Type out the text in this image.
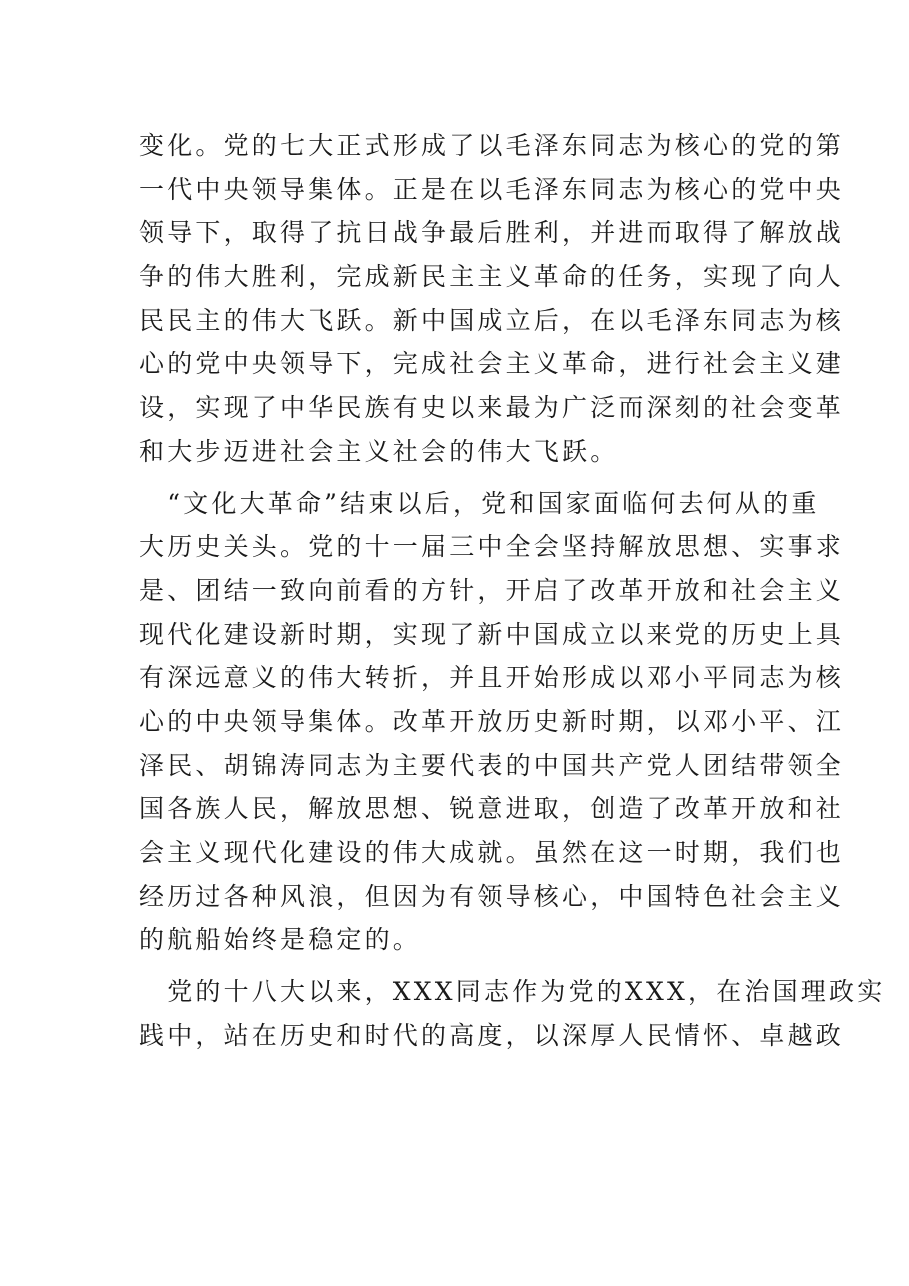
变化。党的七大正式形成了以毛泽东同志为核心的党的第
一代中央领导集体。正是在以毛泽东同志为核心的党中央
领导下，取得了抗日战争最后胜利，并进而取得了解放战
争的伟大胜利，完成新民主主义革命的任务，实现了向人
民民主的伟大飞跃。新中国成立后，在以毛泽东同志为核
心的党中央领导下，完成社会主义革命，进行社会主义建
设，实现了中华民族有史以来最为广泛而深刻的社会变革
和大步迈进社会主义社会的伟大飞跃。
　“文化大革命”结束以后，党和国家面临何去何从的重
大历史关头。党的十一届三中全会坚持解放思想、实事求
是、团结一致向前看的方针，开启了改革开放和社会主义
现代化建设新时期，实现了新中国成立以来党的历史上具
有深远意义的伟大转折，并且开始形成以邓小平同志为核
心的中央领导集体。改革开放历史新时期，以邓小平、江
泽民、胡锦涛同志为主要代表的中国共产党人团结带领全
国各族人民，解放思想、锐意进取，创造了改革开放和社
会主义现代化建设的伟大成就。虽然在这一时期，我们也
经历过各种风浪，但因为有领导核心，中国特色社会主义
的航船始终是稳定的。
　党的十八大以来，XXX同志作为党的XXX，在治国理政实
践中，站在历史和时代的高度，以深厚人民情怀、卓越政
